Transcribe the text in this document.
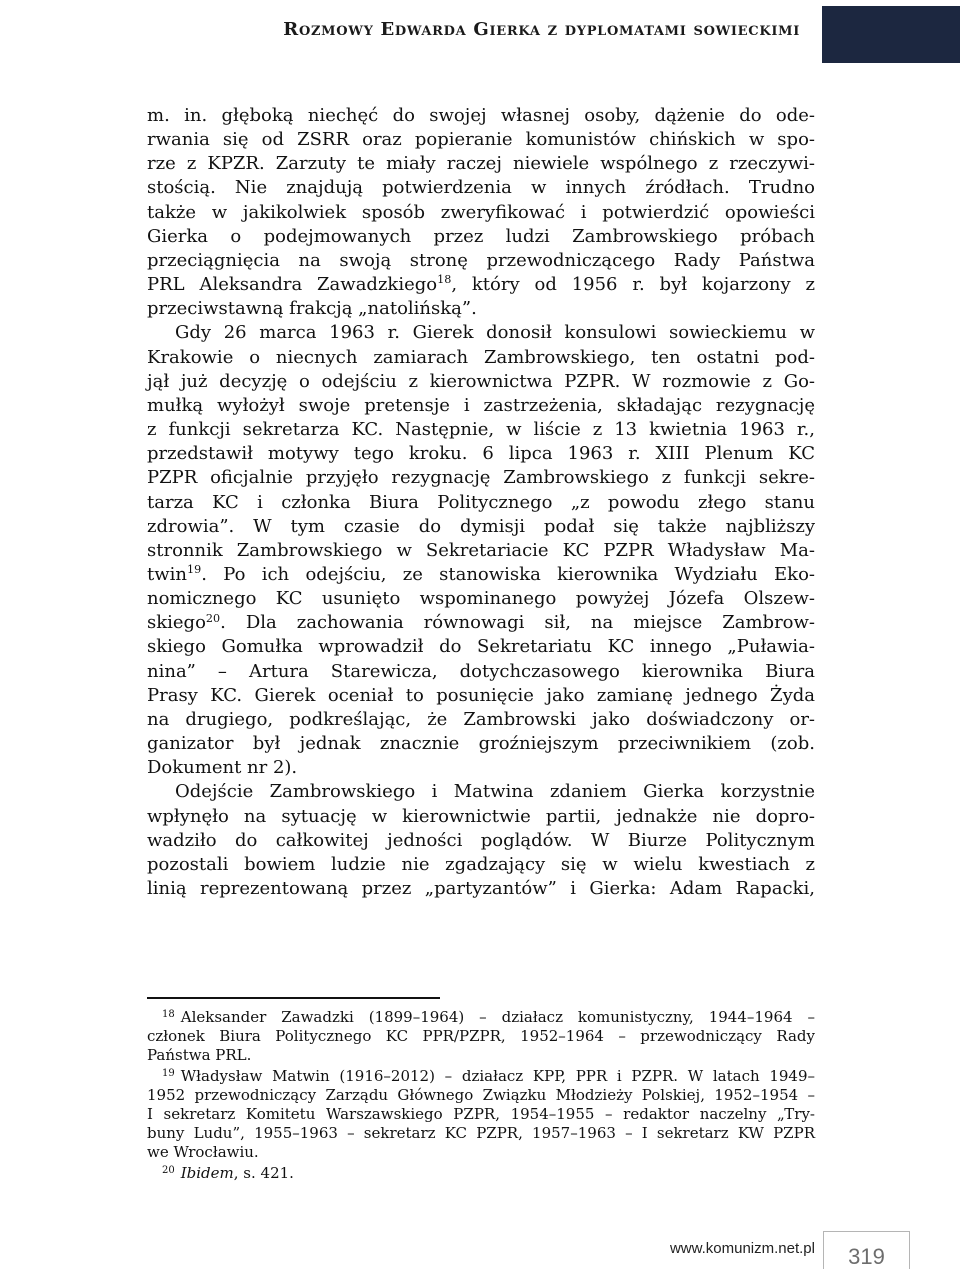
Rozmowy Edwarda Gierka z dyplomatami sowieckimi
m. in. głęboką niechęć do swojej własnej osoby, dążenie do ode-
rwania się od ZSRR oraz popieranie komunistów chińskich w spo-
rze z KPZR. Zarzuty te miały raczej niewiele wspólnego z rzeczywi-
stością. Nie znajdują potwierdzenia w innych źródłach. Trudno
także w jakikolwiek sposób zweryfikować i potwierdzić opowieści
Gierka o podejmowanych przez ludzi Zambrowskiego próbach
przeciągnięcia na swoją stronę przewodniczącego Rady Państwa
PRL Aleksandra Zawadzkiego$^{18}$, który od 1956 r. był kojarzony z
przeciwstawną frakcją „natolińską”.
Gdy 26 marca 1963 r. Gierek donosił konsulowi sowieckiemu w
Krakowie o niecnych zamiarach Zambrowskiego, ten ostatni pod-
jął już decyzję o odejściu z kierownictwa PZPR. W rozmowie z Go-
mułką wyłożył swoje pretensje i zastrzeżenia, składając rezygnację
z funkcji sekretarza KC. Następnie, w liście z 13 kwietnia 1963 r.,
przedstawił motywy tego kroku. 6 lipca 1963 r. XIII Plenum KC
PZPR oficjalnie przyjęło rezygnację Zambrowskiego z funkcji sekre-
tarza KC i członka Biura Politycznego „z powodu złego stanu
zdrowia”. W tym czasie do dymisji podał się także najbliższy
stronnik Zambrowskiego w Sekretariacie KC PZPR Władysław Ma-
twin$^{19}$. Po ich odejściu, ze stanowiska kierownika Wydziału Eko-
nomicznego KC usunięto wspominanego powyżej Józefa Olszew-
skiego$^{20}$. Dla zachowania równowagi sił, na miejsce Zambrow-
skiego Gomułka wprowadził do Sekretariatu KC innego „Puławia-
nina” – Artura Starewicza, dotychczasowego kierownika Biura
Prasy KC. Gierek oceniał to posunięcie jako zamianę jednego Żyda
na drugiego, podkreślając, że Zambrowski jako doświadczony or-
ganizator był jednak znacznie groźniejszym przeciwnikiem (zob.
Dokument nr 2).
Odejście Zambrowskiego i Matwina zdaniem Gierka korzystnie
wpłynęło na sytuację w kierownictwie partii, jednakże nie dopro-
wadziło do całkowitej jedności poglądów. W Biurze Politycznym
pozostali bowiem ludzie nie zgadzający się w wielu kwestiach z
linią reprezentowaną przez „partyzantów” i Gierka: Adam Rapacki,
$^{18}$ Aleksander Zawadzki (1899–1964) – działacz komunistyczny, 1944–1964 –
członek Biura Politycznego KC PPR/PZPR, 1952–1964 – przewodniczący Rady
Państwa PRL.
$^{19}$ Władysław Matwin (1916–2012) – działacz KPP, PPR i PZPR. W latach 1949–
1952 przewodniczący Zarządu Głównego Związku Młodzieży Polskiej, 1952–1954 –
I sekretarz Komitetu Warszawskiego PZPR, 1954–1955 – redaktor naczelny „Try-
buny Ludu”, 1955–1963 – sekretarz KC PZPR, 1957–1963 – I sekretarz KW PZPR
we Wrocławiu.
$^{20}$ Ibidem, s. 421.
www.komunizm.net.pl	319
